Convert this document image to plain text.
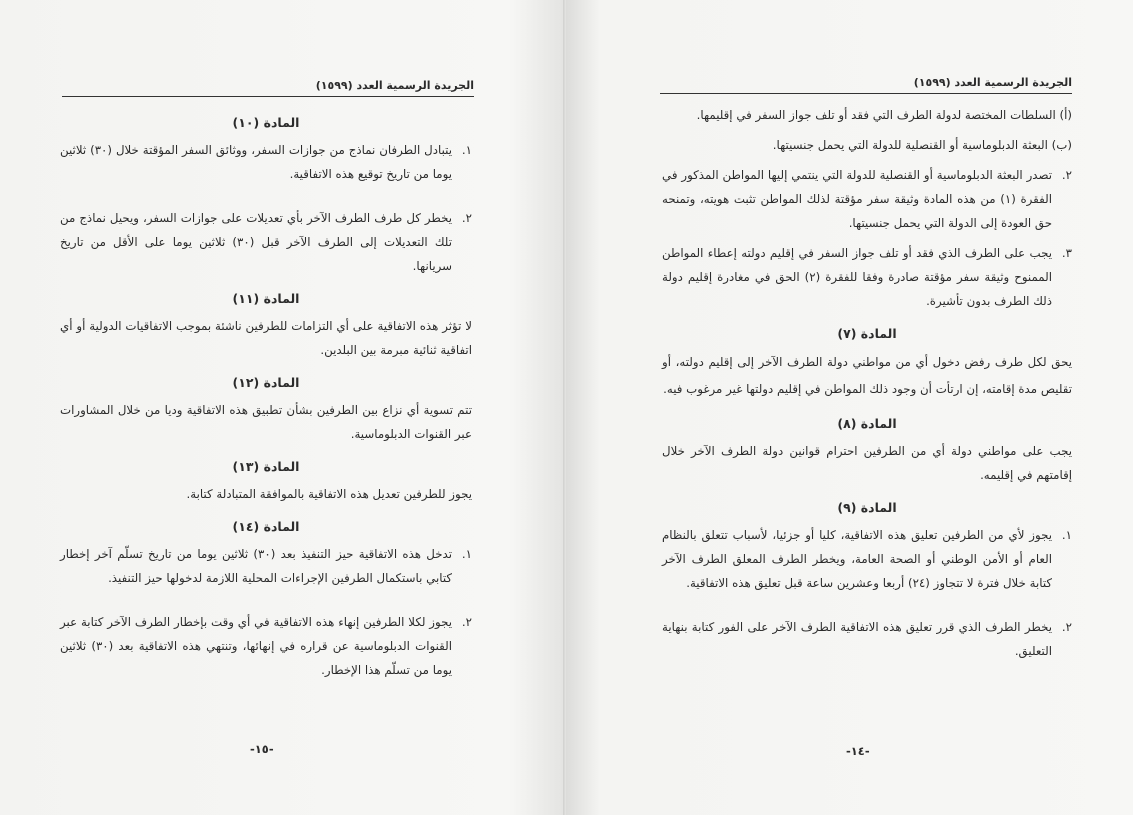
الجريدة الرسمية العدد (١٥٩٩)
المادة (١٠)
١.
يتبادل الطرفان نماذج من جوازات السفر، ووثائق السفر المؤقتة خلال (٣٠) ثلاثين يوما من تاريخ توقيع هذه الاتفاقية.
٢.
يخطر كل طرف الطرف الآخر بأي تعديلات على جوازات السفر، ويحيل نماذج من تلك التعديلات إلى الطرف الآخر قبل (٣٠) ثلاثين يوما على الأقل من تاريخ سريانها.
المادة (١١)

لا تؤثر هذه الاتفاقية على أي التزامات للطرفين ناشئة بموجب الاتفاقيات الدولية أو أي اتفاقية ثنائية مبرمة بين البلدين.

المادة (١٢)

تتم تسوية أي نزاع بين الطرفين بشأن تطبيق هذه الاتفاقية وديا من خلال المشاورات عبر القنوات الدبلوماسية.

المادة (١٣)

يجوز للطرفين تعديل هذه الاتفاقية بالموافقة المتبادلة كتابة.

المادة (١٤)
١.
تدخل هذه الاتفاقية حيز التنفيذ بعد (٣٠) ثلاثين يوما من تاريخ تسلّم آخر إخطار كتابي باستكمال الطرفين الإجراءات المحلية اللازمة لدخولها حيز التنفيذ.
٢.
يجوز لكلا الطرفين إنهاء هذه الاتفاقية في أي وقت بإخطار الطرف الآخر كتابة عبر القنوات الدبلوماسية عن قراره في إنهائها، وتنتهي هذه الاتفاقية بعد (٣٠) ثلاثين يوما من تسلّم هذا الإخطار.
-١٥-
الجريدة الرسمية العدد (١٥٩٩)

(أ) السلطات المختصة لدولة الطرف التي فقد أو تلف جواز السفر في إقليمها.

(ب) البعثة الدبلوماسية أو القنصلية للدولة التي يحمل جنسيتها.

٢.
تصدر البعثة الدبلوماسية أو القنصلية للدولة التي ينتمي إليها المواطن المذكور في الفقرة (١) من هذه المادة وثيقة سفر مؤقتة لذلك المواطن تثبت هويته، وتمنحه حق العودة إلى الدولة التي يحمل جنسيتها.
٣.
يجب على الطرف الذي فقد أو تلف جواز السفر في إقليم دولته إعطاء المواطن الممنوح وثيقة سفر مؤقتة صادرة وفقا للفقرة (٢) الحق في مغادرة إقليم دولة ذلك الطرف بدون تأشيرة.
المادة (٧)

يحق لكل طرف رفض دخول أي من مواطني دولة الطرف الآخر إلى إقليم دولته، أو تقليص مدة إقامته، إن ارتأت أن وجود ذلك المواطن في إقليم دولتها غير مرغوب فيه.

المادة (٨)

يجب على مواطني دولة أي من الطرفين احترام قوانين دولة الطرف الآخر خلال إقامتهم في إقليمه.

المادة (٩)
١.
يجوز لأي من الطرفين تعليق هذه الاتفاقية، كليا أو جزئيا، لأسباب تتعلق بالنظام العام أو الأمن الوطني أو الصحة العامة، ويخطر الطرف المعلق الطرف الآخر كتابة خلال فترة لا تتجاوز (٢٤) أربعا وعشرين ساعة قبل تعليق هذه الاتفاقية.
٢.
يخطر الطرف الذي قرر تعليق هذه الاتفاقية الطرف الآخر على الفور كتابة بنهاية التعليق.
-١٤-
